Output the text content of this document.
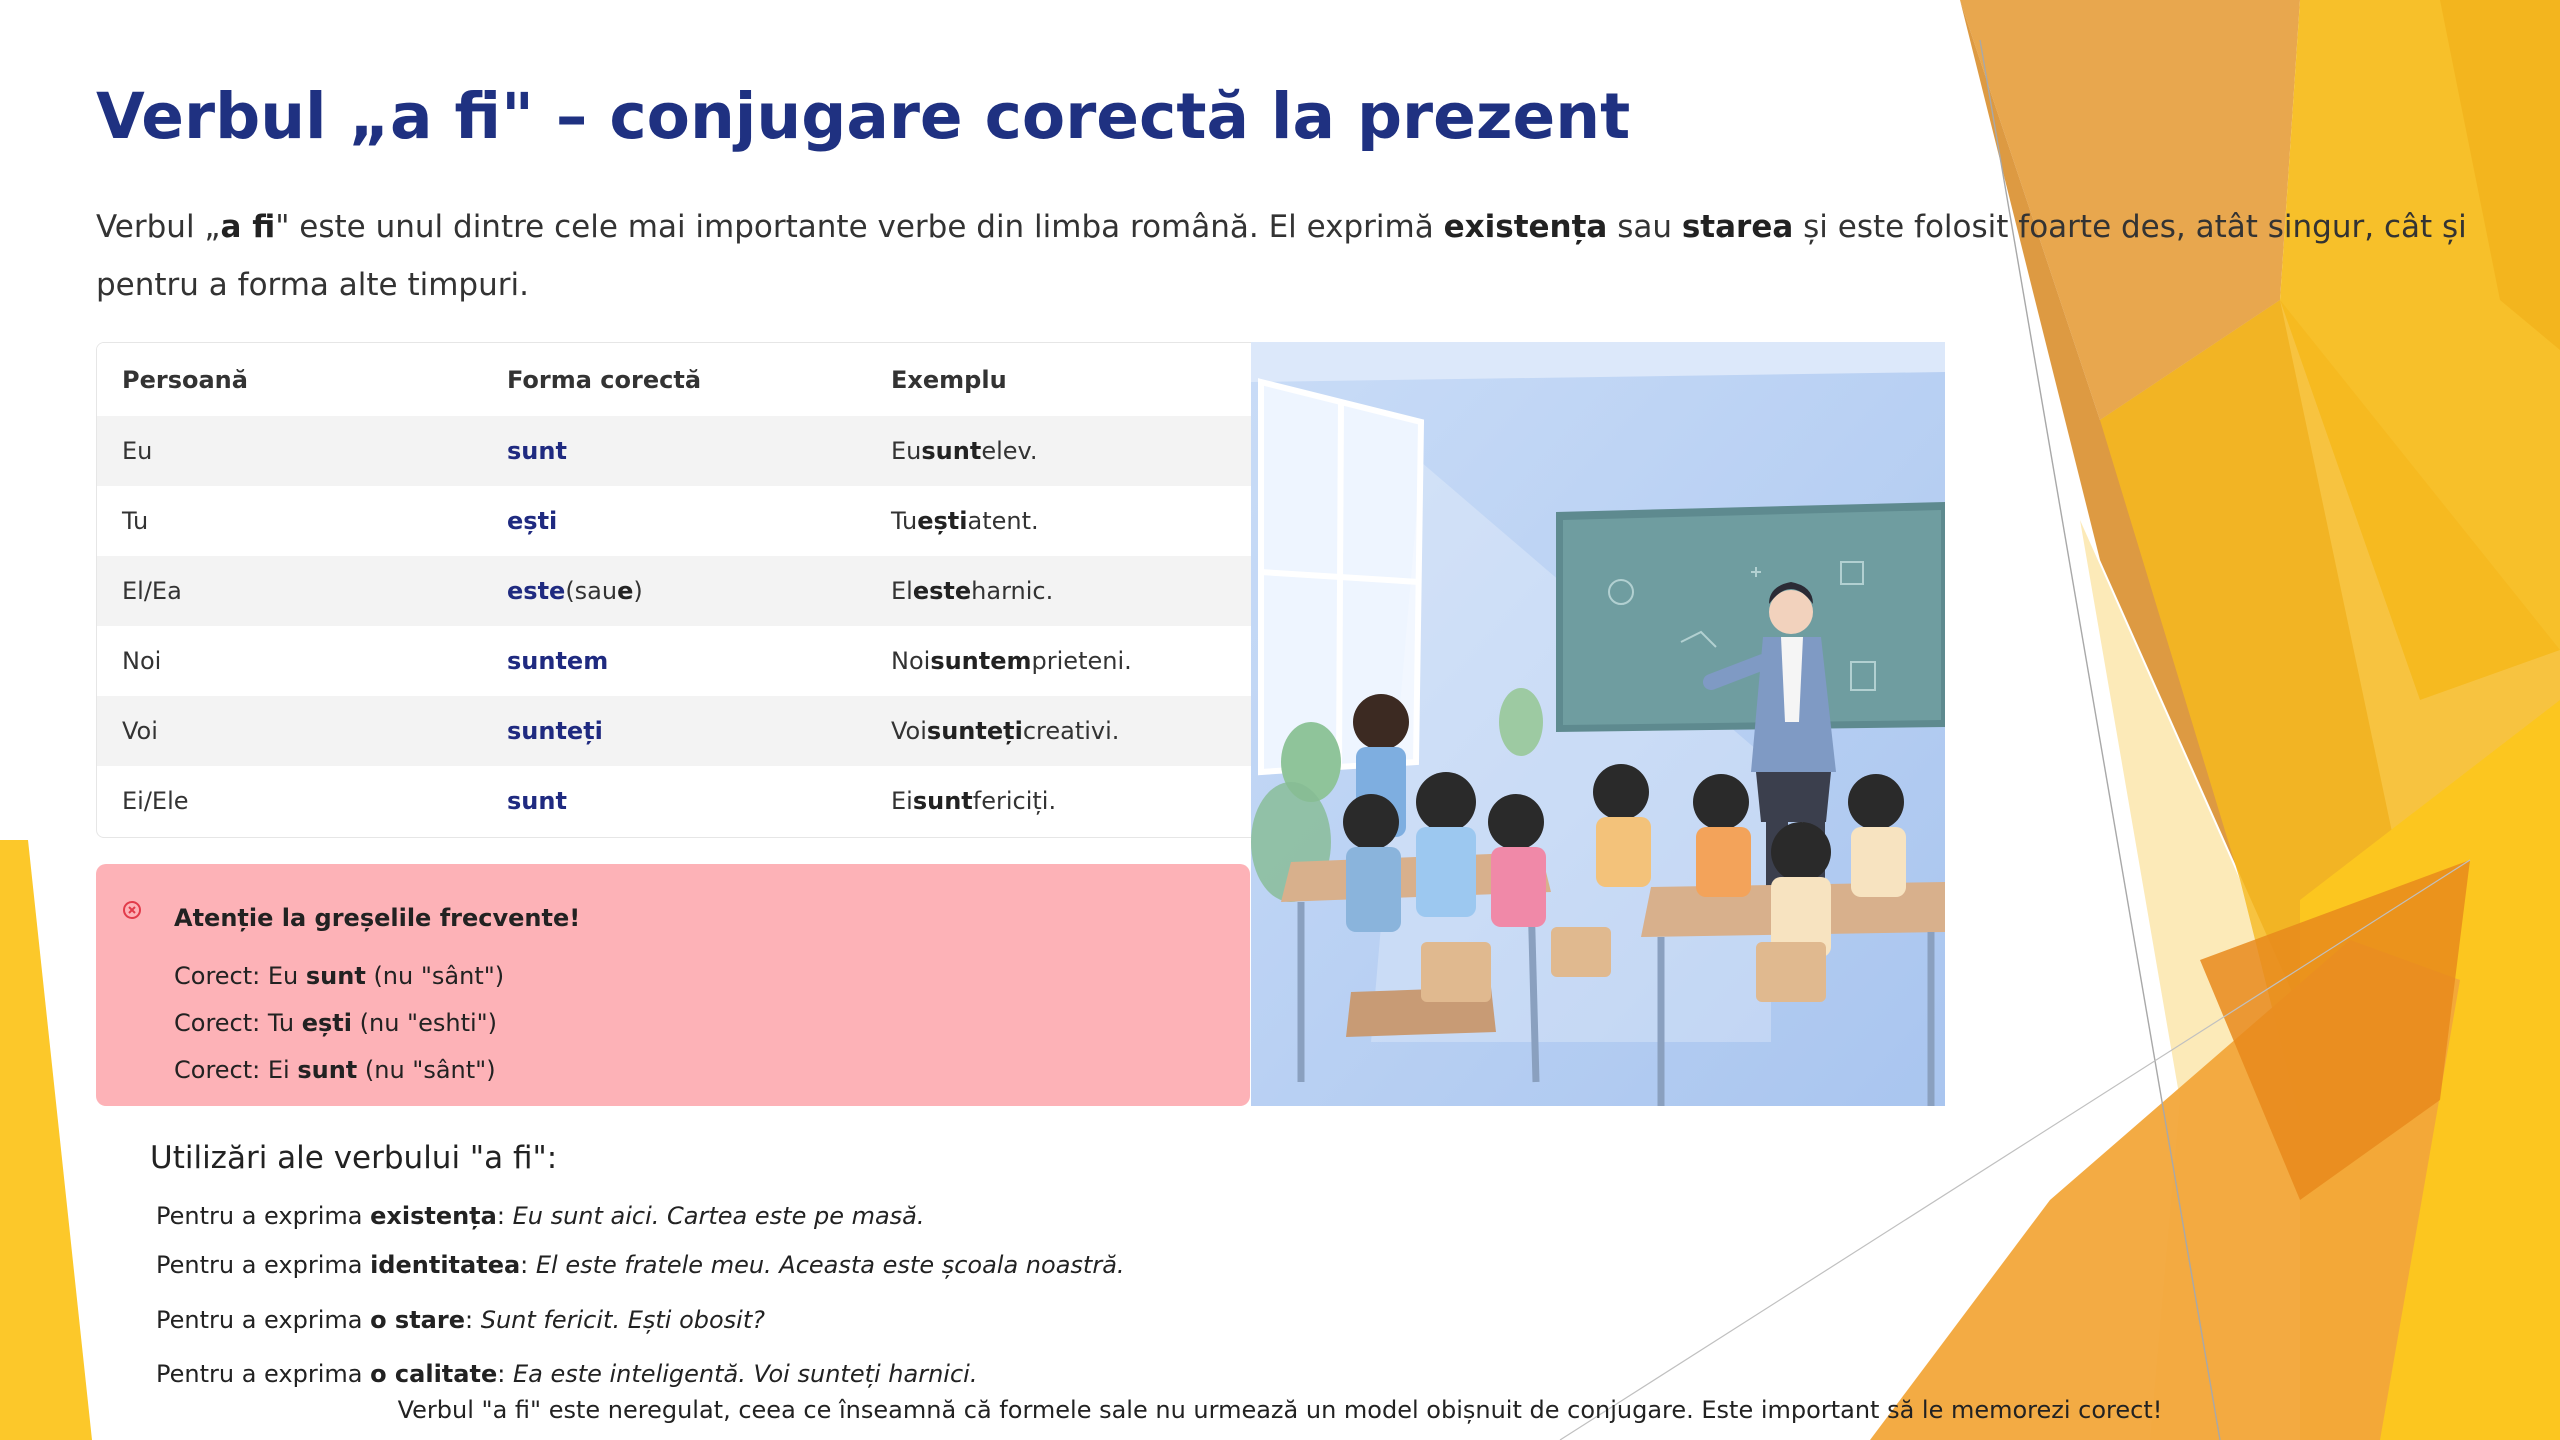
Verbul „a fi" – conjugare corectă la prezent
Verbul „a fi" este unul dintre cele mai importante verbe din limba română. El exprimă existența sau starea și este folosit foarte des, atât singur, cât și pentru a forma alte timpuri.
Persoană	Forma corectă	Exemplu
Eu	sunt	Eu sunt elev.
Tu	ești	Tu ești atent.
El/Ea	este (sau e )	El este harnic.
Noi	suntem	Noi suntem prieteni.
Voi	sunteți	Voi sunteți creativi.
Ei/Ele	sunt	Ei sunt fericiți.
Atenție la greșelile frecvente!
Corect: Eu sunt (nu "sânt")
Corect: Tu ești (nu "eshti")
Corect: Ei sunt (nu "sânt")
Utilizări ale verbului "a fi":
Pentru a exprima existența: Eu sunt aici. Cartea este pe masă.
Pentru a exprima identitatea: El este fratele meu. Aceasta este școala noastră.
Pentru a exprima o stare: Sunt fericit. Ești obosit?
Pentru a exprima o calitate: Ea este inteligentă. Voi sunteți harnici.
Verbul "a fi" este neregulat, ceea ce înseamnă că formele sale nu urmează un model obișnuit de conjugare. Este important să le memorezi corect!
